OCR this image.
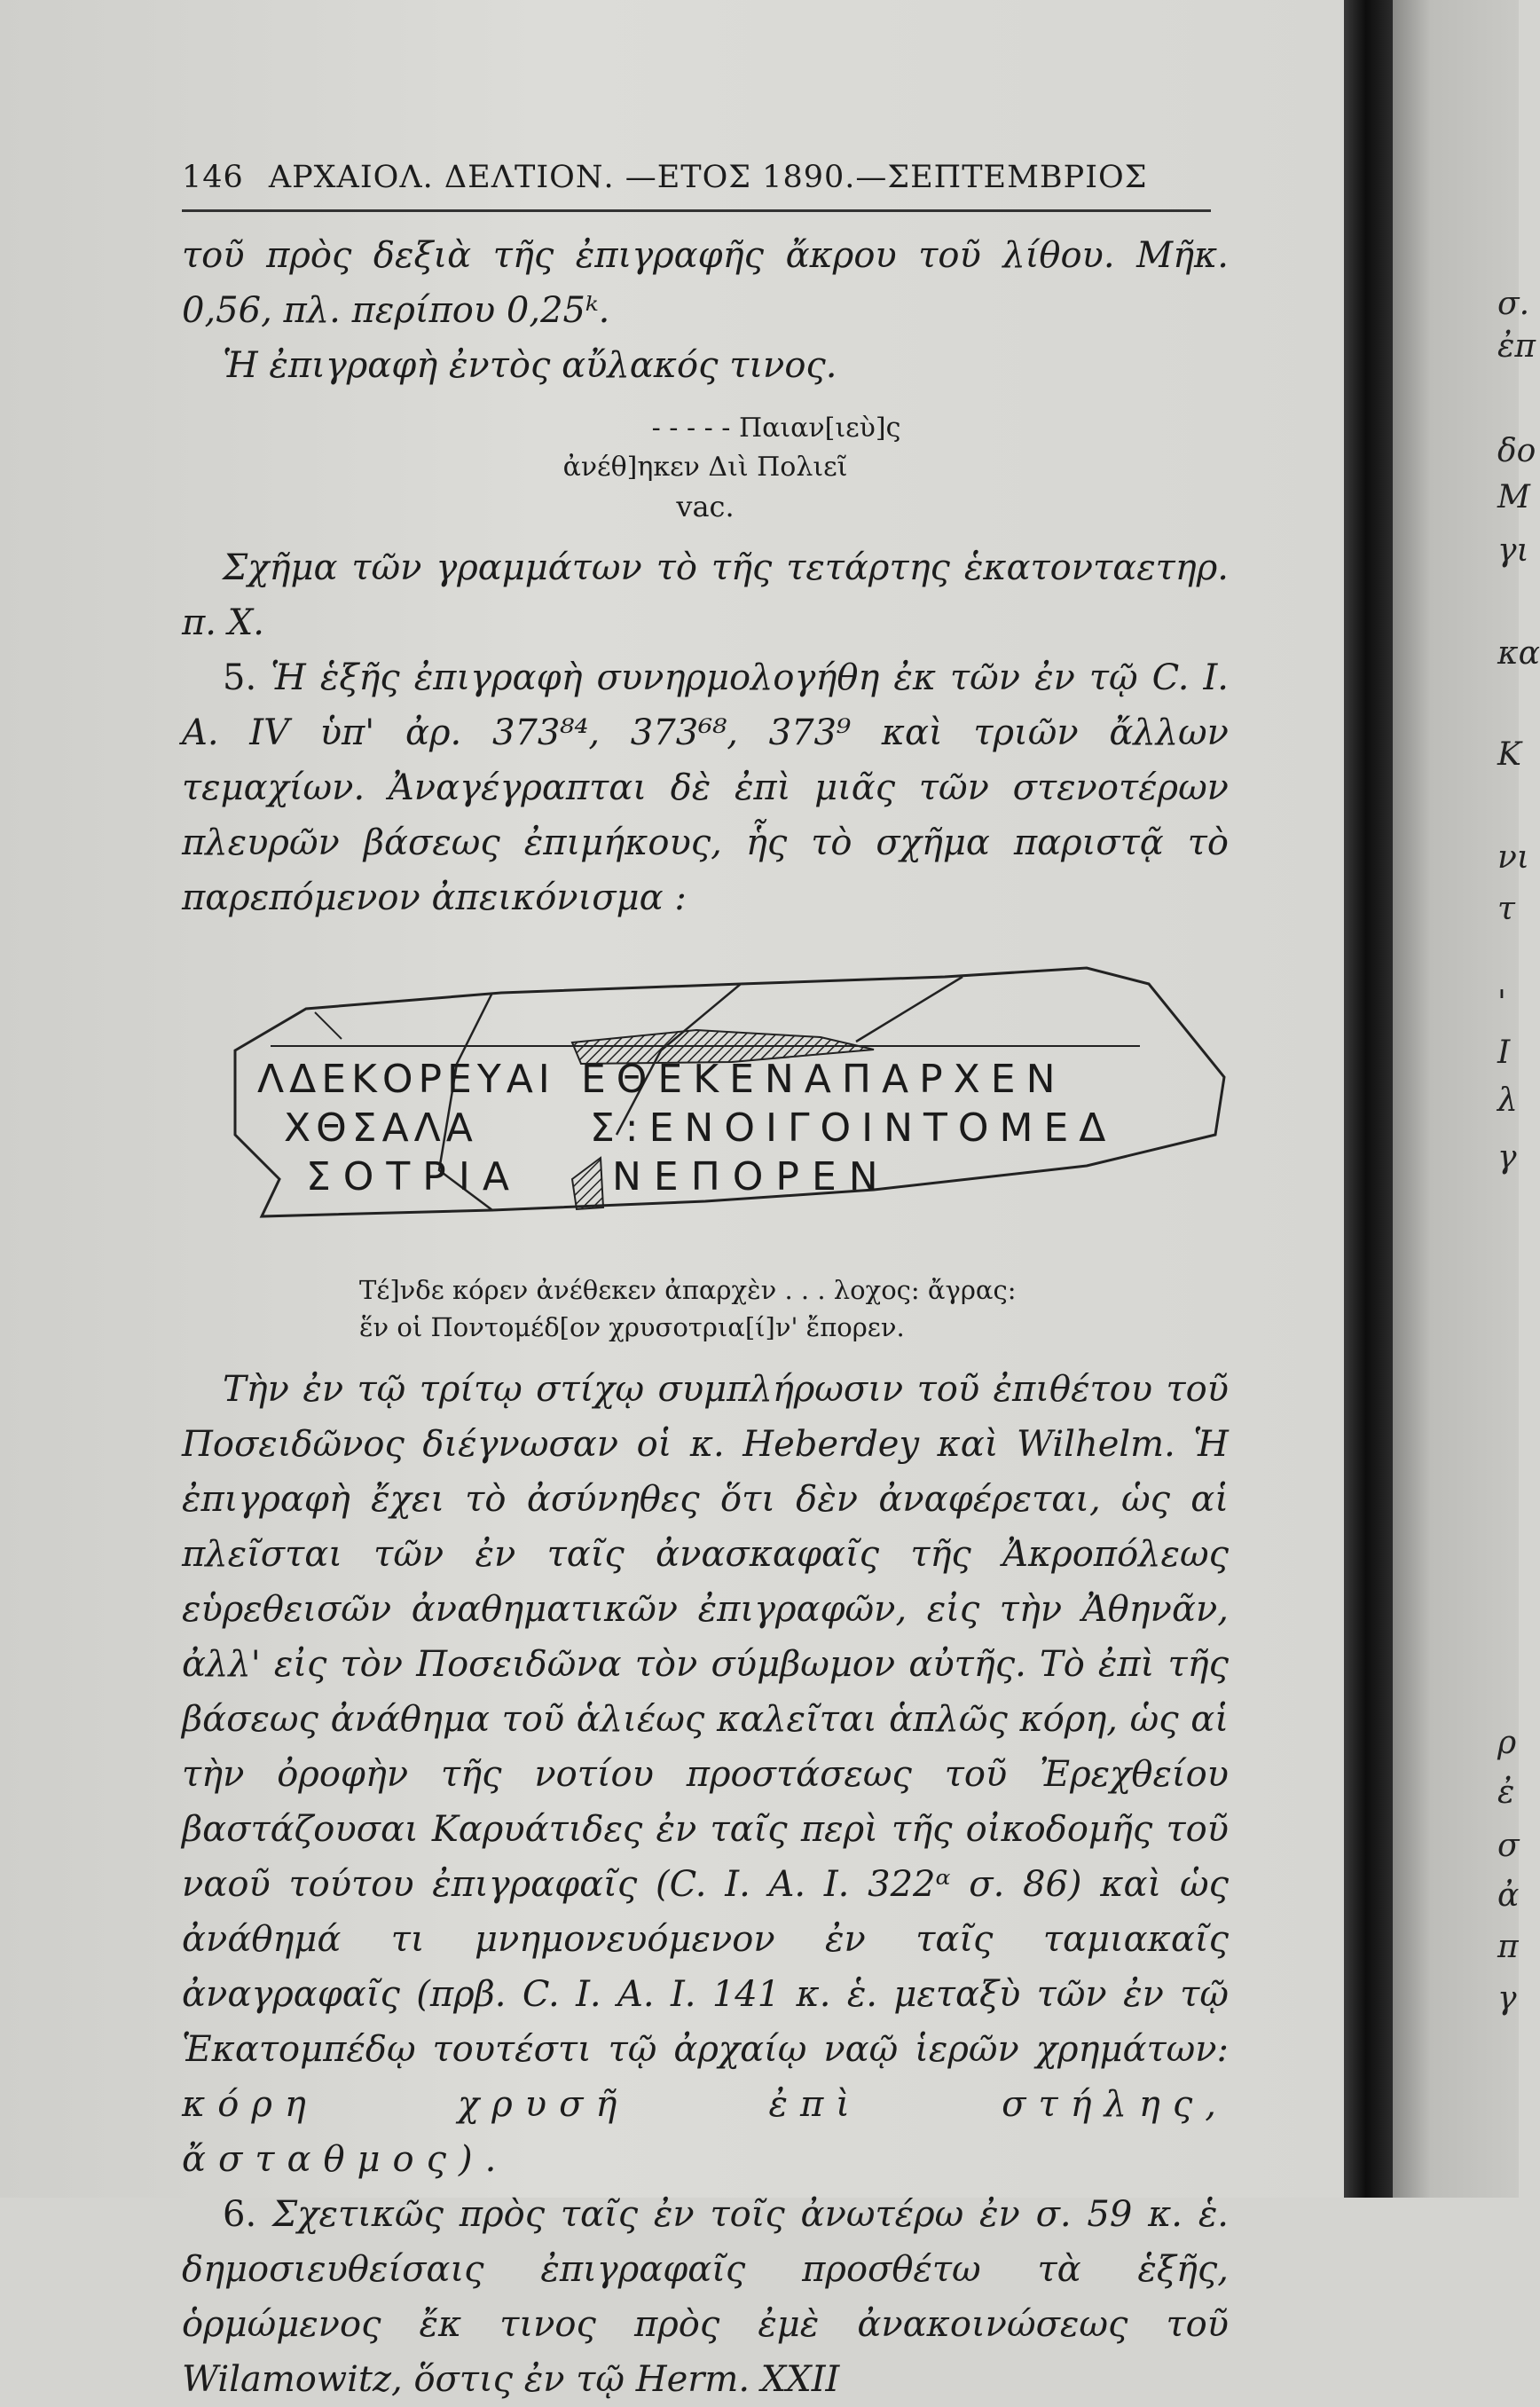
146 ΑΡΧΑΙΟΛ. ΔΕΛΤΙΟΝ. —ΕΤΟΣ 1890.—ΣΕΠΤΕΜΒΡΙΟΣ

τοῦ πρὸς δεξιὰ τῆς ἐπιγραφῆς ἄκρου τοῦ λίθου. Μῆκ. 0,56, πλ. περίπου 0,25ᵏ.

Ἡ ἐπιγραφὴ ἐντὸς αὔλακός τινος.

- - - - - Παιαν[ιεὺ]ς

ἀνέθ]ηκεν Διὶ Πολιεῖ

vac.

Σχῆμα τῶν γραμμάτων τὸ τῆς τετάρτης ἑκατονταετηρ. π. Χ.

5. Ἡ ἑξῆς ἐπιγραφὴ συνηρμολογήθη ἐκ τῶν ἐν τῷ C. I. A. IV ὑπ' ἀρ. 373⁸⁴, 373⁶⁸, 373⁹ καὶ τριῶν ἄλλων τεμαχίων. Ἀναγέγραπται δὲ ἐπὶ μιᾶς τῶν στενοτέρων πλευρῶν βάσεως ἐπιμήκους, ἧς τὸ σχῆμα παριστᾷ τὸ παρεπόμενον ἀπεικόνισμα :

ΛΔΕΚΟΡΕΥΑΙ ΕΘΕΚΕΝΑΠΑΡΧΕΝ
ΧΘΣΑΛΑ	Σ:ΕΝΟΙΓΟΙΝΤΟΜΕΔ
ΣΟΤΡΙΑ ΝΕΠΟΡΕΝ

Τέ]νδε κόρεν ἀνέθεκεν ἀπαρχὲν . . . λοχος: ἄγρας:

ἕν οἱ Ποντομέδ[ον χρυσοτρια[ί]ν' ἔπορεν.

Τὴν ἐν τῷ τρίτῳ στίχῳ συμπλήρωσιν τοῦ ἐπιθέτου τοῦ Ποσειδῶνος διέγνωσαν οἱ κ. Heberdey καὶ Wilhelm. Ἡ ἐπιγραφὴ ἔχει τὸ ἀσύνηθες ὅτι δὲν ἀναφέρεται, ὡς αἱ πλεῖσται τῶν ἐν ταῖς ἀνασκαφαῖς τῆς Ἀκροπόλεως εὑρεθεισῶν ἀναθηματικῶν ἐπιγραφῶν, εἰς τὴν Ἀθηνᾶν, ἀλλ' εἰς τὸν Ποσειδῶνα τὸν σύμβωμον αὐτῆς. Τὸ ἐπὶ τῆς βάσεως ἀνάθημα τοῦ ἁλιέως καλεῖται ἁπλῶς κόρη, ὡς αἱ τὴν ὀροφὴν τῆς νοτίου προστάσεως τοῦ Ἐρεχθείου βαστάζουσαι Καρυάτιδες ἐν ταῖς περὶ τῆς οἰκοδομῆς τοῦ ναοῦ τούτου ἐπιγραφαῖς (C. I. A. I. 322ᵅ σ. 86) καὶ ὡς ἀνάθημά τι μνημονευόμενον ἐν ταῖς ταμιακαῖς ἀναγραφαῖς (πρβ. C. I. A. I. 141 κ. ἑ. μεταξὺ τῶν ἐν τῷ Ἑκατομπέδῳ τουτέστι τῷ ἀρχαίῳ ναῷ ἱερῶν χρημάτων: κόρη χρυσῆ ἐπὶ στήλης, ἄσταθμος).

6. Σχετικῶς πρὸς ταῖς ἐν τοῖς ἀνωτέρω ἐν σ. 59 κ. ἑ. δημοσιευθείσαις ἐπιγραφαῖς προσθέτω τὰ ἑξῆς, ὁρμώμενος ἔκ τινος πρὸς ἐμὲ ἀνακοινώσεως τοῦ Wilamowitz, ὅστις ἐν τῷ Herm. XXII

σ.
ἐπ
δο
Μ
γι
κα
Κ
νι
τ
'
Ι
λ
γ
ρ
ἐ
σ
ἀ
π
γ
